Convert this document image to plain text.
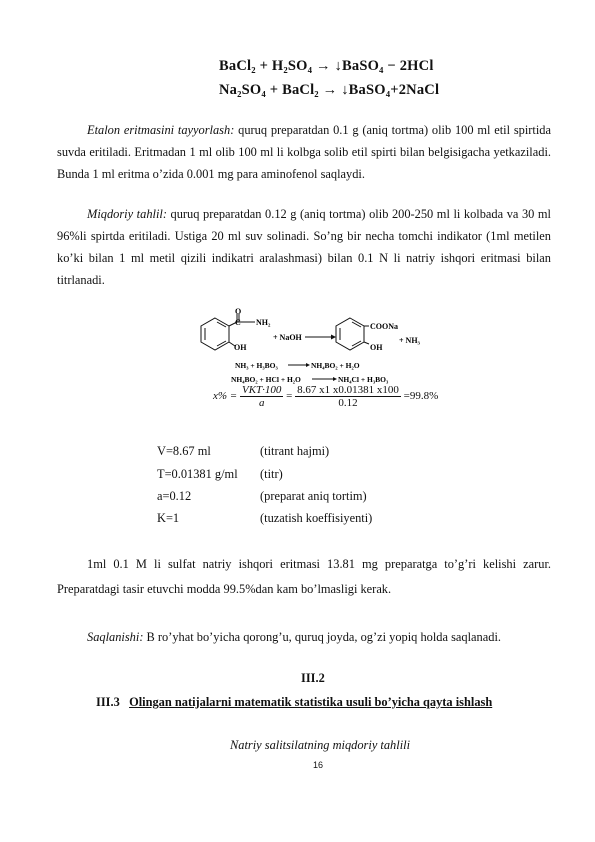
BaCl₂ + H₂SO₄ → ↓BaSO₄ − 2HCl
Na₂SO₄ + BaCl₂ → ↓BaSO₄+2NaCl
Etalon eritmasini tayyorlash: quruq preparatdan 0.1 g (aniq tortma) olib 100 ml etil spirtida suvda eritiladi. Eritmadan 1 ml olib 100 ml li kolbga solib etil spirti bilan belgisigacha yetkaziladi. Bunda 1 ml eritma o’zida 0.001 mg para aminofenol saqlaydi.
Miqdoriy tahlil: quruq preparatdan 0.12 g (aniq tortma) olib 200-250 ml li kolbada va 30 ml 96%li spirtda eritiladi. Ustiga 20 ml suv solinadi. So’ng bir necha tomchi indikator (1ml metilen ko’ki bilan 1 ml metil qizili indikatri aralashmasi) bilan 0.1 N li natriy ishqori eritmasi bilan titrlanadi.
O
C NH₂
OH
+ NaOH
COONa
OH
+ NH₃
NH₃ + H₃BO₃	NH₄BO₂ + H₂O
NH₄BO₂ + HCl + H₂O	NH₄Cl + H₃BO₃
$x\% = \frac{\text{VKT·100}}{a} = \frac{8.67 x1 x0.01381 x100}{0.12} =99.8\%$
V=8.67 ml	(titrant hajmi)
T=0.01381 g/ml (titr)
a=0.12	(preparat aniq tortim)
K=1	(tuzatish koeffisiyenti)
1ml 0.1 M li sulfat natriy ishqori eritmasi 13.81 mg preparatga to’g’ri kelishi zarur. Preparatdagi tasir etuvchi modda 99.5%dan kam bo’lmasligi kerak.
Saqlanishi: B ro’yhat bo’yicha qorong’u, quruq joyda, og’zi yopiq holda saqlanadi.
III.2
III.3 Olingan natijalarni matematik statistika usuli bo’yicha qayta ishlash
Natriy salitsilatning miqdoriy tahlili
16
